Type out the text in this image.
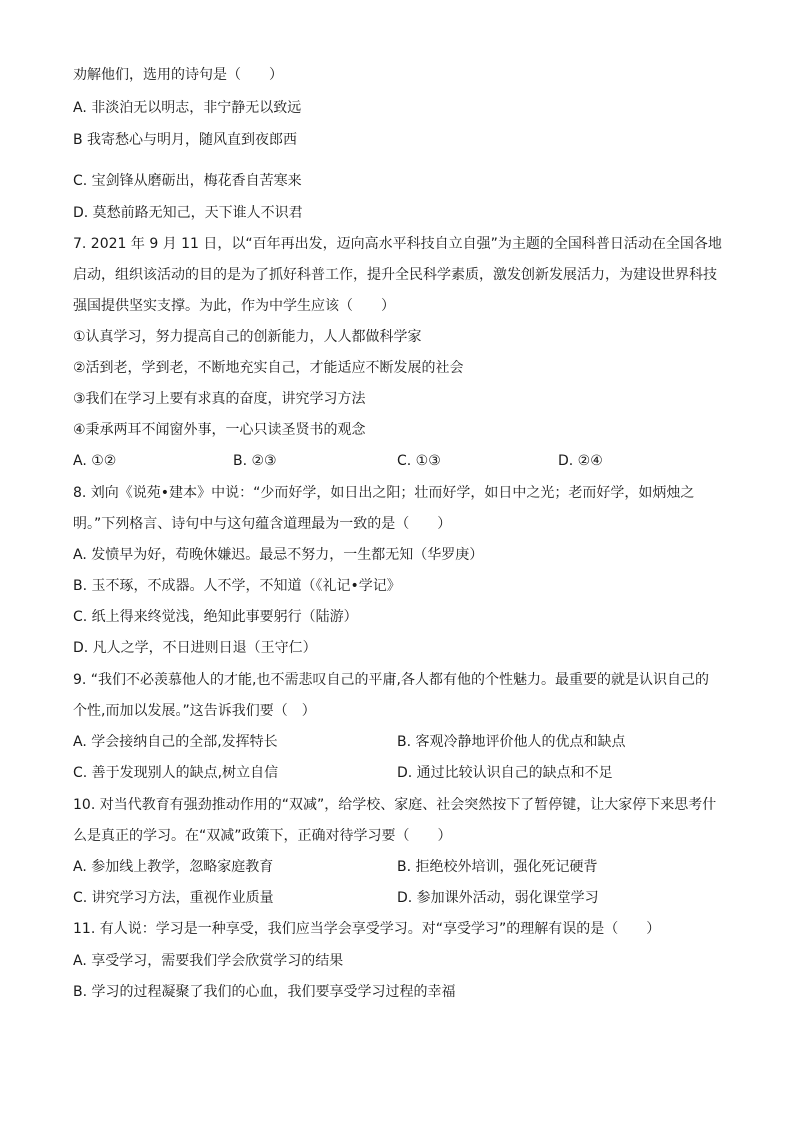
劝解他们，选用的诗句是（　　）
A. 非淡泊无以明志，非宁静无以致远
B 我寄愁心与明月，随风直到夜郎西
C. 宝剑锋从磨砺出，梅花香自苦寒来
D. 莫愁前路无知己，天下谁人不识君
7. 2021 年 9 月 11 日，以“百年再出发，迈向高水平科技自立自强”为主题的全国科普日活动在全国各地
启动，组织该活动的目的是为了抓好科普工作，提升全民科学素质，激发创新发展活力，为建设世界科技
强国提供坚实支撑。为此，作为中学生应该（　　）
①认真学习，努力提高自己的创新能力，人人都做科学家
②活到老，学到老，不断地充实自己，才能适应不断发展的社会
③我们在学习上要有求真的奋度，讲究学习方法
④秉承两耳不闻窗外事，一心只读圣贤书的观念
A. ①②	B. ②③	C. ①③	D. ②④
8. 刘向《说苑•建本》中说：“少而好学，如日出之阳；壮而好学，如日中之光；老而好学，如炳烛之
明。”下列格言、诗句中与这句蕴含道理最为一致的是（　　）
A. 发愤早为好，苟晚休嫌迟。最忌不努力，一生都无知（华罗庚）
B. 玉不琢，不成器。人不学，不知道（《礼记•学记》
C. 纸上得来终觉浅，绝知此事要躬行（陆游）
D. 凡人之学，不日进则日退（王守仁）
9. “我们不必羡慕他人的才能,也不需悲叹自己的平庸,各人都有他的个性魅力。最重要的就是认识自己的
个性,而加以发展。”这告诉我们要（　）
A. 学会接纳自己的全部,发挥特长	B. 客观冷静地评价他人的优点和缺点
C. 善于发现别人的缺点,树立自信	D. 通过比较认识自己的缺点和不足
10. 对当代教育有强劲推动作用的“双减”，给学校、家庭、社会突然按下了暂停键，让大家停下来思考什
么是真正的学习。在“双减”政策下，正确对待学习要（　　）
A. 参加线上教学，忽略家庭教育	B. 拒绝校外培训，强化死记硬背
C. 讲究学习方法，重视作业质量	D. 参加课外活动，弱化课堂学习
11. 有人说：学习是一种享受，我们应当学会享受学习。对“享受学习”的理解有误的是（　　）
A. 享受学习，需要我们学会欣赏学习的结果
B. 学习的过程凝聚了我们的心血，我们要享受学习过程的幸福
